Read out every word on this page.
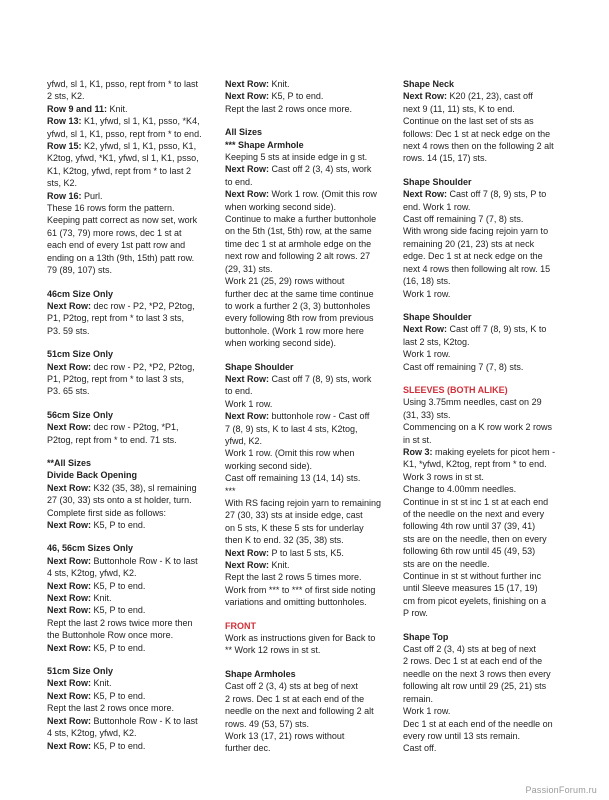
yfwd, sl 1, K1, psso, rept from * to last
2 sts, K2.
Row 9 and 11: Knit.
Row 13: K1, yfwd, sl 1, K1, psso, *K4,
yfwd, sl 1, K1, psso, rept from * to end.
Row 15: K2, yfwd, sl 1, K1, psso, K1,
K2tog, yfwd, *K1, yfwd, sl 1, K1, psso,
K1, K2tog, yfwd, rept from * to last 2
sts, K2.
Row 16: Purl.
These 16 rows form the pattern.
Keeping patt correct as now set, work
61 (73, 79) more rows, dec 1 st at
each end of every 1st patt row and
ending on a 13th (9th, 15th) patt row.
79 (89, 107) sts.
46cm Size Only
Next Row: dec row - P2, *P2, P2tog,
P1, P2tog, rept from * to last 3 sts,
P3. 59 sts.
51cm Size Only
Next Row: dec row - P2, *P2, P2tog,
P1, P2tog, rept from * to last 3 sts,
P3. 65 sts.
56cm Size Only
Next Row: dec row - P2tog, *P1,
P2tog, rept from * to end. 71 sts.
**All Sizes
Divide Back Opening
Next Row: K32 (35, 38), sl remaining
27 (30, 33) sts onto a st holder, turn.
Complete first side as follows:
Next Row: K5, P to end.
46, 56cm Sizes Only
Next Row: Buttonhole Row - K to last
4 sts, K2tog, yfwd, K2.
Next Row: K5, P to end.
Next Row: Knit.
Next Row: K5, P to end.
Rept the last 2 rows twice more then
the Buttonhole Row once more.
Next Row: K5, P to end.
51cm Size Only
Next Row: Knit.
Next Row: K5, P to end.
Rept the last 2 rows once more.
Next Row: Buttonhole Row - K to last
4 sts, K2tog, yfwd, K2.
Next Row: K5, P to end.
Next Row: Knit.
Next Row: K5, P to end.
Rept the last 2 rows once more.
All Sizes
*** Shape Armhole
Keeping 5 sts at inside edge in g st.
Next Row: Cast off 2 (3, 4) sts, work
to end.
Next Row: Work 1 row. (Omit this row
when working second side).
Continue to make a further buttonhole
on the 5th (1st, 5th) row, at the same
time dec 1 st at armhole edge on the
next row and following 2 alt rows. 27
(29, 31) sts.
Work 21 (25, 29) rows without
further dec at the same time continue
to work a further 2 (3, 3) buttonholes
every following 8th row from previous
buttonhole. (Work 1 row more here
when working second side).
Shape Shoulder
Next Row: Cast off 7 (8, 9) sts, work
to end.
Work 1 row.
Next Row: buttonhole row - Cast off
7 (8, 9) sts, K to last 4 sts, K2tog,
yfwd, K2.
Work 1 row. (Omit this row when
working second side).
Cast off remaining 13 (14, 14) sts.
***
With RS facing rejoin yarn to remaining
27 (30, 33) sts at inside edge, cast
on 5 sts, K these 5 sts for underlay
then K to end. 32 (35, 38) sts.
Next Row: P to last 5 sts, K5.
Next Row: Knit.
Rept the last 2 rows 5 times more.
Work from *** to *** of first side noting
variations and omitting buttonholes.
FRONT
Work as instructions given for Back to
** Work 12 rows in st st.
Shape Armholes
Cast off 2 (3, 4) sts at beg of next
2 rows. Dec 1 st at each end of the
needle on the next and following 2 alt
rows. 49 (53, 57) sts.
Work 13 (17, 21) rows without
further dec.
Shape Neck
Next Row: K20 (21, 23), cast off
next 9 (11, 11) sts, K to end.
Continue on the last set of sts as
follows: Dec 1 st at neck edge on the
next 4 rows then on the following 2 alt
rows. 14 (15, 17) sts.
Shape Shoulder
Next Row: Cast off 7 (8, 9) sts, P to
end. Work 1 row.
Cast off remaining 7 (7, 8) sts.
With wrong side facing rejoin yarn to
remaining 20 (21, 23) sts at neck
edge. Dec 1 st at neck edge on the
next 4 rows then following alt row. 15
(16, 18) sts.
Work 1 row.
Shape Shoulder
Next Row: Cast off 7 (8, 9) sts, K to
last 2 sts, K2tog.
Work 1 row.
Cast off remaining 7 (7, 8) sts.
SLEEVES (BOTH ALIKE)
Using 3.75mm needles, cast on 29
(31, 33) sts.
Commencing on a K row work 2 rows
in st st.
Row 3: making eyelets for picot hem -
K1, *yfwd, K2tog, rept from * to end.
Work 3 rows in st st.
Change to 4.00mm needles.
Continue in st st inc 1 st at each end
of the needle on the next and every
following 4th row until 37 (39, 41)
sts are on the needle, then on every
following 6th row until 45 (49, 53)
sts are on the needle.
Continue in st st without further inc
until Sleeve measures 15 (17, 19)
cm from picot eyelets, finishing on a
P row.
Shape Top
Cast off 2 (3, 4) sts at beg of next
2 rows. Dec 1 st at each end of the
needle on the next 3 rows then every
following alt row until 29 (25, 21) sts
remain.
Work 1 row.
Dec 1 st at each end of the needle on
every row until 13 sts remain.
Cast off.
PassionForum.ru
